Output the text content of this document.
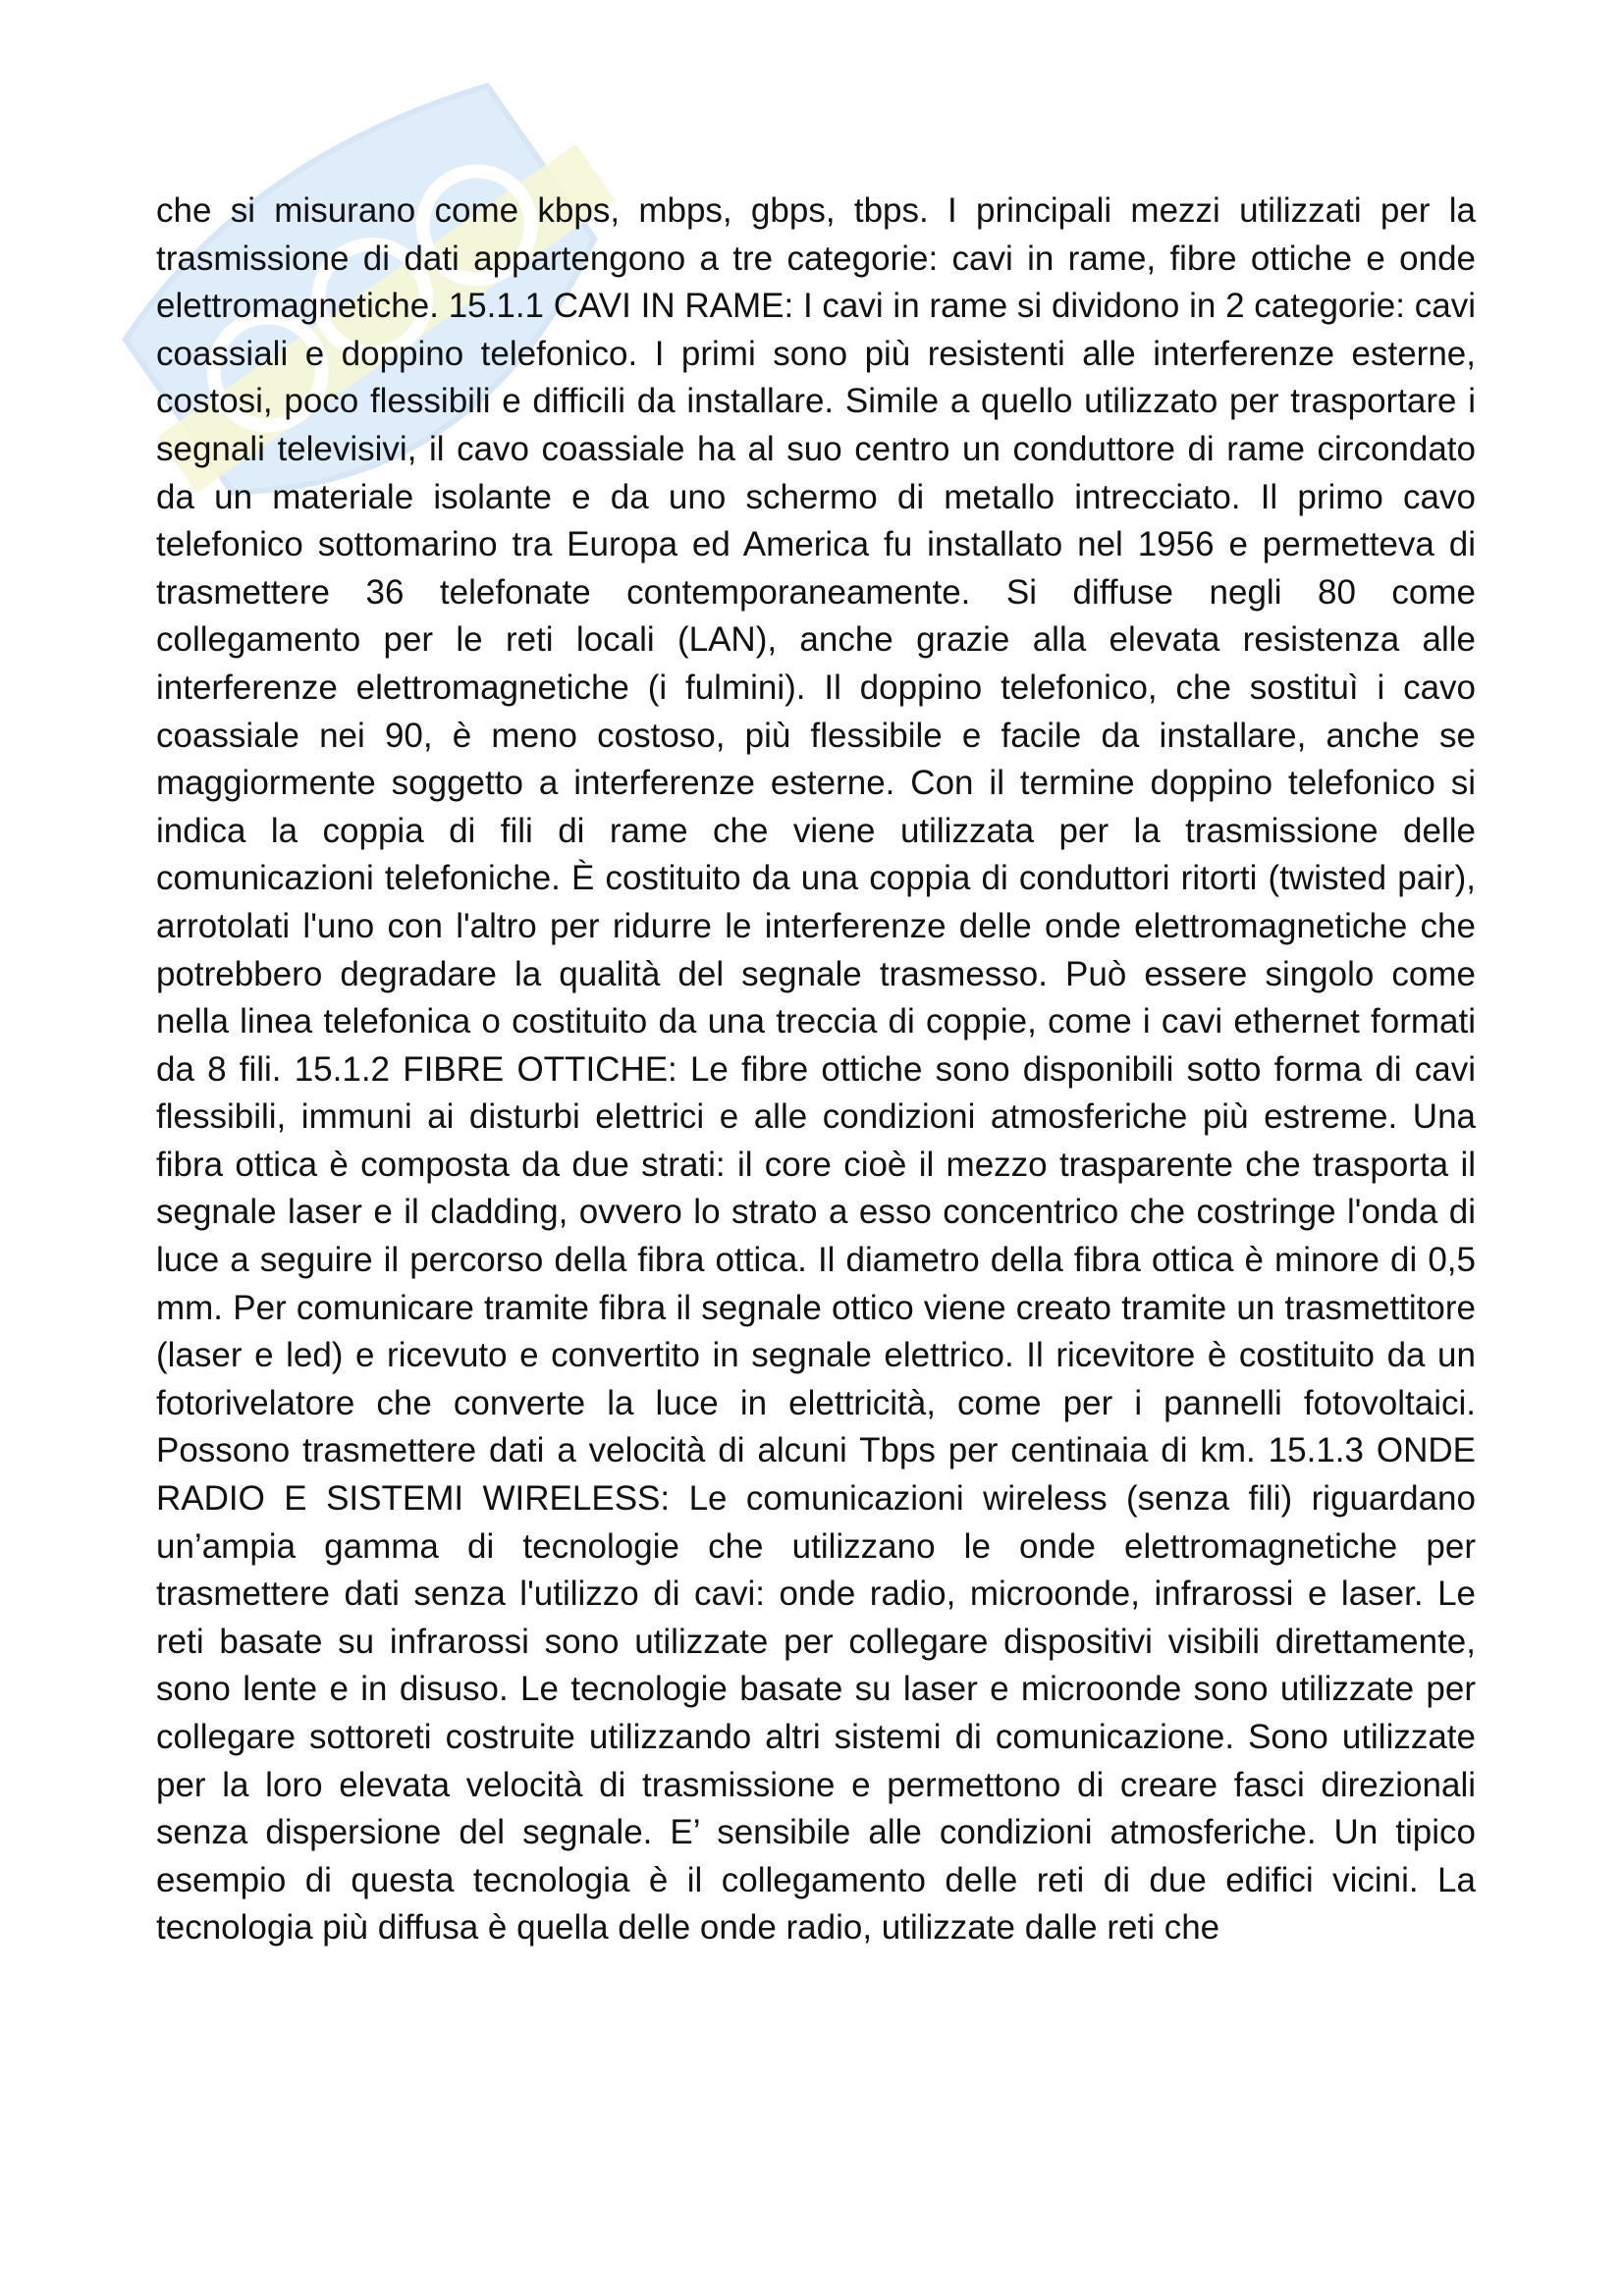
che si misurano come kbps, mbps, gbps, tbps. I principali mezzi utilizzati per la trasmissione di dati appartengono a tre categorie: cavi in rame, fibre ottiche e onde elettromagnetiche. 15.1.1 CAVI IN RAME: I cavi in rame si dividono in 2 categorie: cavi coassiali e doppino telefonico. I primi sono più resistenti alle interferenze esterne, costosi, poco flessibili e difficili da installare. Simile a quello utilizzato per trasportare i segnali televisivi, il cavo coassiale ha al suo centro un conduttore di rame circondato da un materiale isolante e da uno schermo di metallo intrecciato. Il primo cavo telefonico sottomarino tra Europa ed America fu installato nel 1956 e permetteva di trasmettere 36 telefonate contemporaneamente. Si diffuse negli 80 come collegamento per le reti locali (LAN), anche grazie alla elevata resistenza alle interferenze elettromagnetiche (i fulmini). Il doppino telefonico, che sostituì i cavo coassiale nei 90, è meno costoso, più flessibile e facile da installare, anche se maggiormente soggetto a interferenze esterne. Con il termine doppino telefonico si indica la coppia di fili di rame che viene utilizzata per la trasmissione delle comunicazioni telefoniche. È costituito da una coppia di conduttori ritorti (twisted pair), arrotolati l'uno con l'altro per ridurre le interferenze delle onde elettromagnetiche che potrebbero degradare la qualità del segnale trasmesso. Può essere singolo come nella linea telefonica o costituito da una treccia di coppie, come i cavi ethernet formati da 8 fili. 15.1.2 FIBRE OTTICHE: Le fibre ottiche sono disponibili sotto forma di cavi flessibili, immuni ai disturbi elettrici e alle condizioni atmosferiche più estreme. Una fibra ottica è composta da due strati: il core cioè il mezzo trasparente che trasporta il segnale laser e il cladding, ovvero lo strato a esso concentrico che costringe l'onda di luce a seguire il percorso della fibra ottica. Il diametro della fibra ottica è minore di 0,5 mm. Per comunicare tramite fibra il segnale ottico viene creato tramite un trasmettitore (laser e led) e ricevuto e convertito in segnale elettrico. Il ricevitore è costituito da un fotorivelatore che converte la luce in elettricità, come per i pannelli fotovoltaici. Possono trasmettere dati a velocità di alcuni Tbps per centinaia di km. 15.1.3 ONDE RADIO E SISTEMI WIRELESS: Le comunicazioni wireless (senza fili) riguardano un’ampia gamma di tecnologie che utilizzano le onde elettromagnetiche per trasmettere dati senza l'utilizzo di cavi: onde radio, microonde, infrarossi e laser. Le reti basate su infrarossi sono utilizzate per collegare dispositivi visibili direttamente, sono lente e in disuso. Le tecnologie basate su laser e microonde sono utilizzate per collegare sottoreti costruite utilizzando altri sistemi di comunicazione. Sono utilizzate per la loro elevata velocità di trasmissione e permettono di creare fasci direzionali senza dispersione del segnale. E’ sensibile alle condizioni atmosferiche. Un tipico esempio di questa tecnologia è il collegamento delle reti di due edifici vicini. La tecnologia più diffusa è quella delle onde radio, utilizzate dalle reti che
